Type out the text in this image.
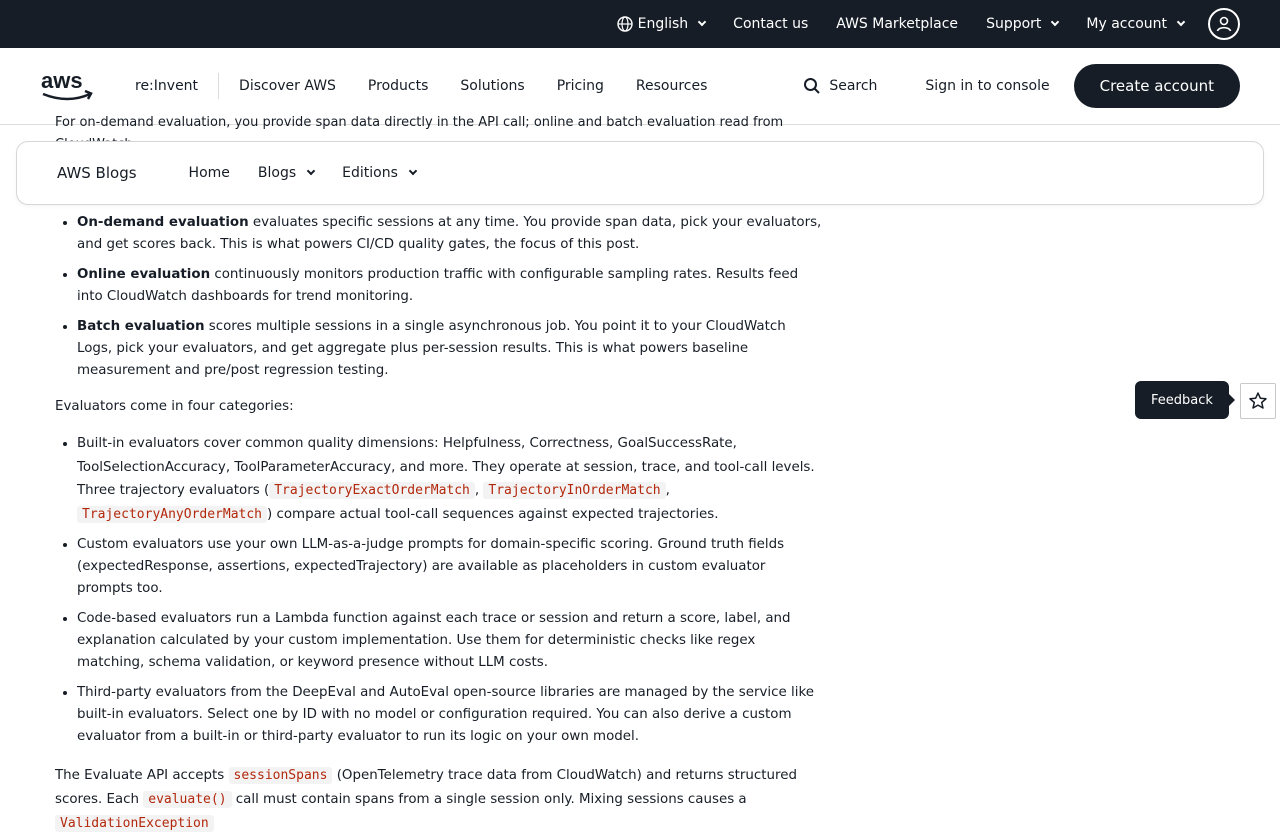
English	Contact us AWS Marketplace Support	My account
aws	re:Invent	Discover AWS Products Solutions Pricing Resources	Search	Sign in to console	Create account
For on-demand evaluation, you provide span data directly in the API call; online and batch evaluation read from
AWS Blogs	Home Blogs	Editions
• On-demand evaluation evaluates specific sessions at any time. You provide span data, pick your evaluators, and get scores back. This is what powers CI/CD quality gates, the focus of this post.
• Online evaluation continuously monitors production traffic with configurable sampling rates. Results feed into CloudWatch dashboards for trend monitoring.
• Batch evaluation scores multiple sessions in a single asynchronous job. You point it to your CloudWatch Logs, pick your evaluators, and get aggregate plus per-session results. This is what powers baseline measurement and pre/post regression testing.

Evaluators come in four categories:

• Built-in evaluators cover common quality dimensions: Helpfulness, Correctness, GoalSuccessRate, ToolSelectionAccuracy, ToolParameterAccuracy, and more. They operate at session, trace, and tool-call levels. Three trajectory evaluators ( TrajectoryExactOrderMatch , TrajectoryInOrderMatch , TrajectoryAnyOrderMatch ) compare actual tool-call sequences against expected trajectories.
• Custom evaluators use your own LLM-as-a-judge prompts for domain-specific scoring. Ground truth fields (expectedResponse, assertions, expectedTrajectory) are available as placeholders in custom evaluator prompts too.
• Code-based evaluators run a Lambda function against each trace or session and return a score, label, and explanation calculated by your custom implementation. Use them for deterministic checks like regex matching, schema validation, or keyword presence without LLM costs.
• Third-party evaluators from the DeepEval and AutoEval open-source libraries are managed by the service like built-in evaluators. Select one by ID with no model or configuration required. You can also derive a custom evaluator from a built-in or third-party evaluator to run its logic on your own model.

The Evaluate API accepts sessionSpans (OpenTelemetry trace data from CloudWatch) and returns structured scores. Each evaluate() call must contain spans from a single session only. Mixing sessions causes a ValidationException

Feedback
